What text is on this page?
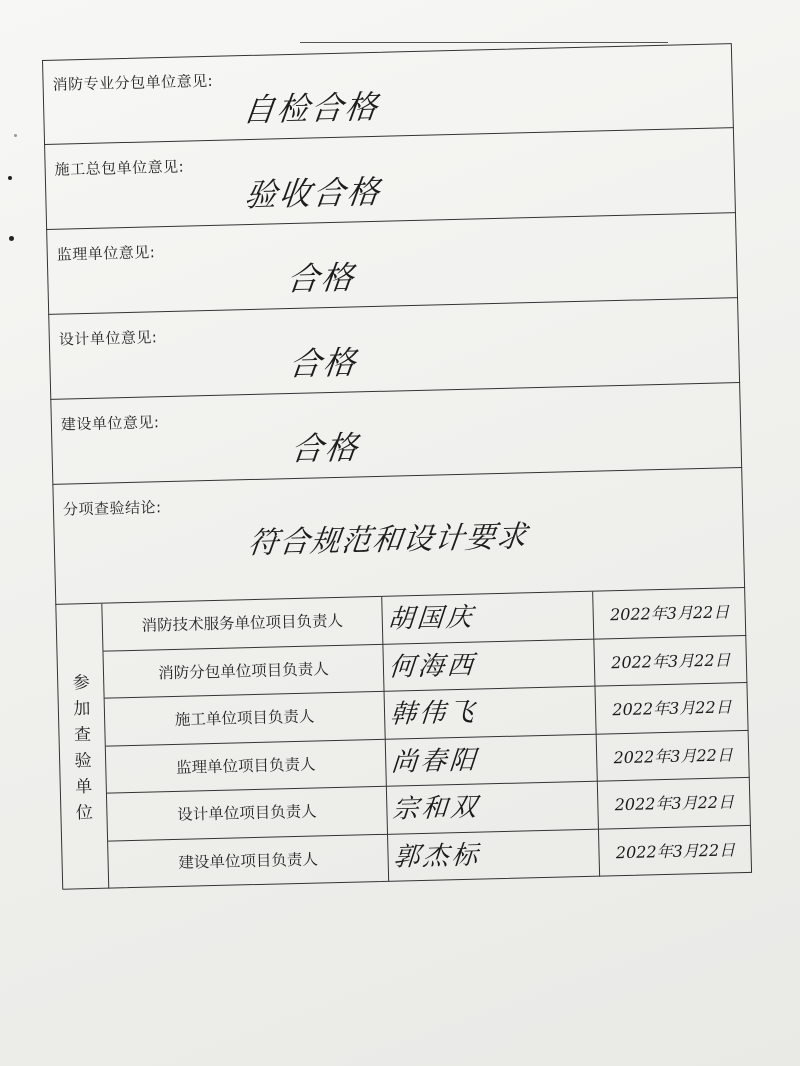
消防专业分包单位意见:
自检合格
施工总包单位意见:
验收合格
监理单位意见:
合格
设计单位意见:
合格
建设单位意见:
合格
分项查验结论:
符合规范和设计要求
参加查验单位
消防技术服务单位项目负责人	胡国庆	2022年3月22日
消防分包单位项目负责人	何海西	2022年3月22日
施工单位项目负责人	韩伟飞	2022年3月22日
监理单位项目负责人	尚春阳	2022年3月22日
设计单位项目负责人	宗和双	2022年3月22日
建设单位项目负责人	郭杰标	2022年3月22日
